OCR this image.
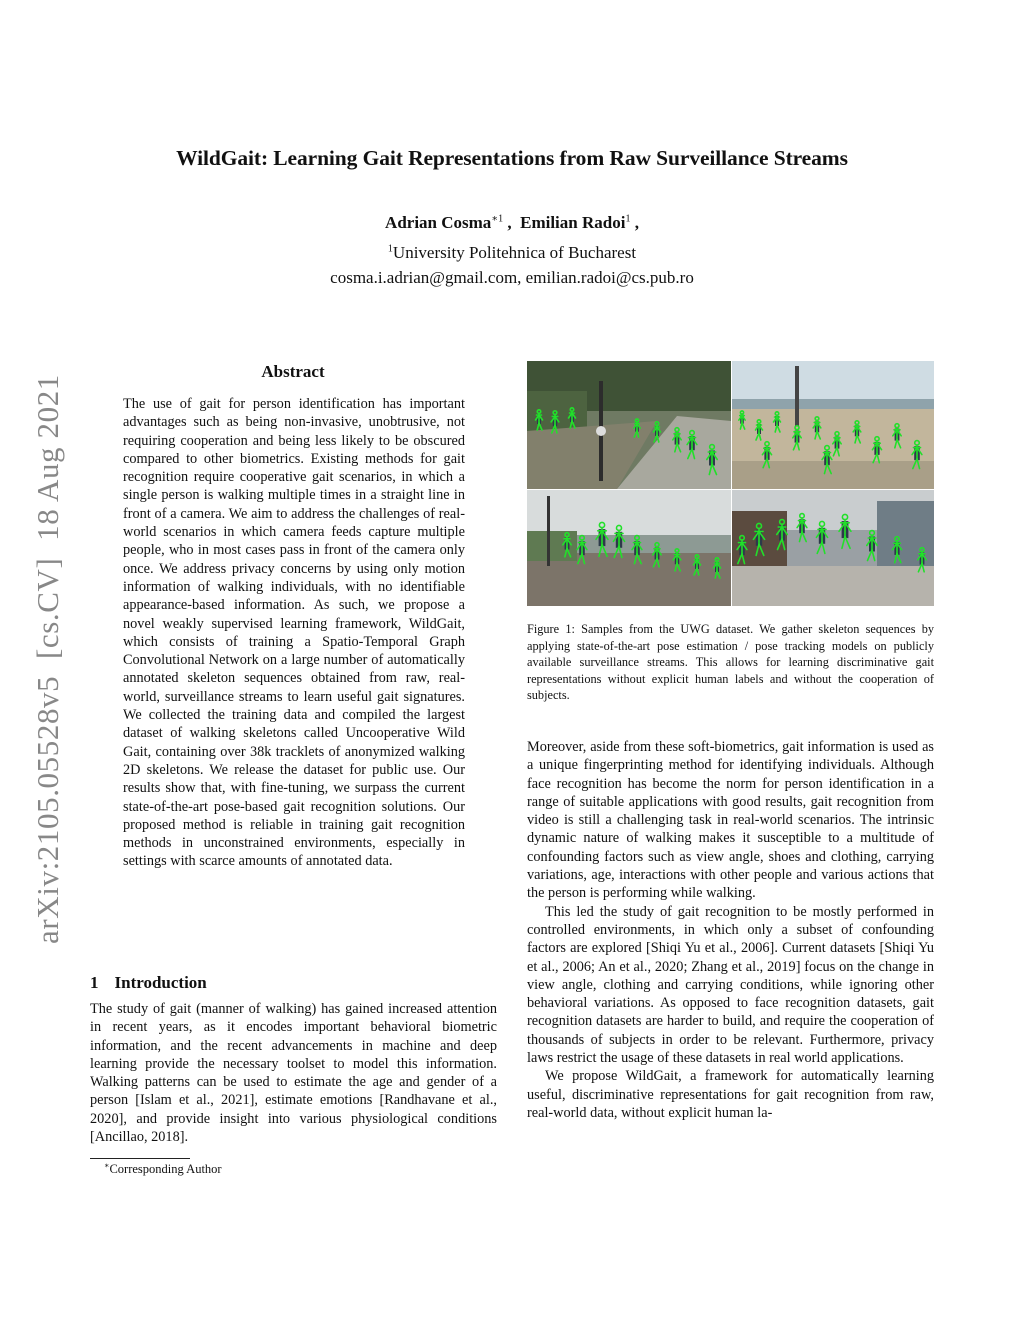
WildGait: Learning Gait Representations from Raw Surveillance Streams
Adrian Cosma$^{∗1}$ ,  Emilian Radoi$^1$ ,
$^1$University Politehnica of Bucharest
cosma.i.adrian@gmail.com, emilian.radoi@cs.pub.ro
arXiv:2105.05528v5  [cs.CV]  18 Aug 2021
Abstract
The use of gait for person identification has important advantages such as being non-invasive, unobtrusive, not requiring cooperation and being less likely to be obscured compared to other biometrics. Existing methods for gait recognition require cooperative gait scenarios, in which a single person is walking multiple times in a straight line in front of a camera. We aim to address the challenges of real-world scenarios in which camera feeds capture multiple people, who in most cases pass in front of the camera only once. We address privacy concerns by using only motion information of walking individuals, with no identifiable appearance-based information. As such, we propose a novel weakly supervised learning framework, WildGait, which consists of training a Spatio-Temporal Graph Convolutional Network on a large number of automatically annotated skeleton sequences obtained from raw, real-world, surveillance streams to learn useful gait signatures. We collected the training data and compiled the largest dataset of walking skeletons called Uncooperative Wild Gait, containing over 38k tracklets of anonymized walking 2D skeletons. We release the dataset for public use. Our results show that, with fine-tuning, we surpass the current state-of-the-art pose-based gait recognition solutions. Our proposed method is reliable in training gait recognition methods in unconstrained environments, especially in settings with scarce amounts of annotated data.
1 Introduction
The study of gait (manner of walking) has gained increased attention in recent years, as it encodes important behavioral biometric information, and the recent advancements in machine and deep learning provide the necessary toolset to model this information. Walking patterns can be used to estimate the age and gender of a person [Islam et al., 2021], estimate emotions [Randhavane et al., 2020], and provide insight into various physiological conditions [Ancillao, 2018].
∗Corresponding Author
Figure 1: Samples from the UWG dataset. We gather skeleton sequences by applying state-of-the-art pose estimation / pose tracking models on publicly available surveillance streams. This allows for learning discriminative gait representations without explicit human labels and without the cooperation of subjects.

Moreover, aside from these soft-biometrics, gait information is used as a unique fingerprinting method for identifying individuals. Although face recognition has become the norm for person identification in a range of suitable applications with good results, gait recognition from video is still a challenging task in real-world scenarios. The intrinsic dynamic nature of walking makes it susceptible to a multitude of confounding factors such as view angle, shoes and clothing, carrying variations, age, interactions with other people and various actions that the person is performing while walking.

This led the study of gait recognition to be mostly performed in controlled environments, in which only a subset of confounding factors are explored [Shiqi Yu et al., 2006]. Current datasets [Shiqi Yu et al., 2006; An et al., 2020; Zhang et al., 2019] focus on the change in view angle, clothing and carrying conditions, while ignoring other behavioral variations. As opposed to face recognition datasets, gait recognition datasets are harder to build, and require the cooperation of thousands of subjects in order to be relevant. Furthermore, privacy laws restrict the usage of these datasets in real world applications.

We propose WildGait, a framework for automatically learning useful, discriminative representations for gait recognition from raw, real-world data, without explicit human la-
